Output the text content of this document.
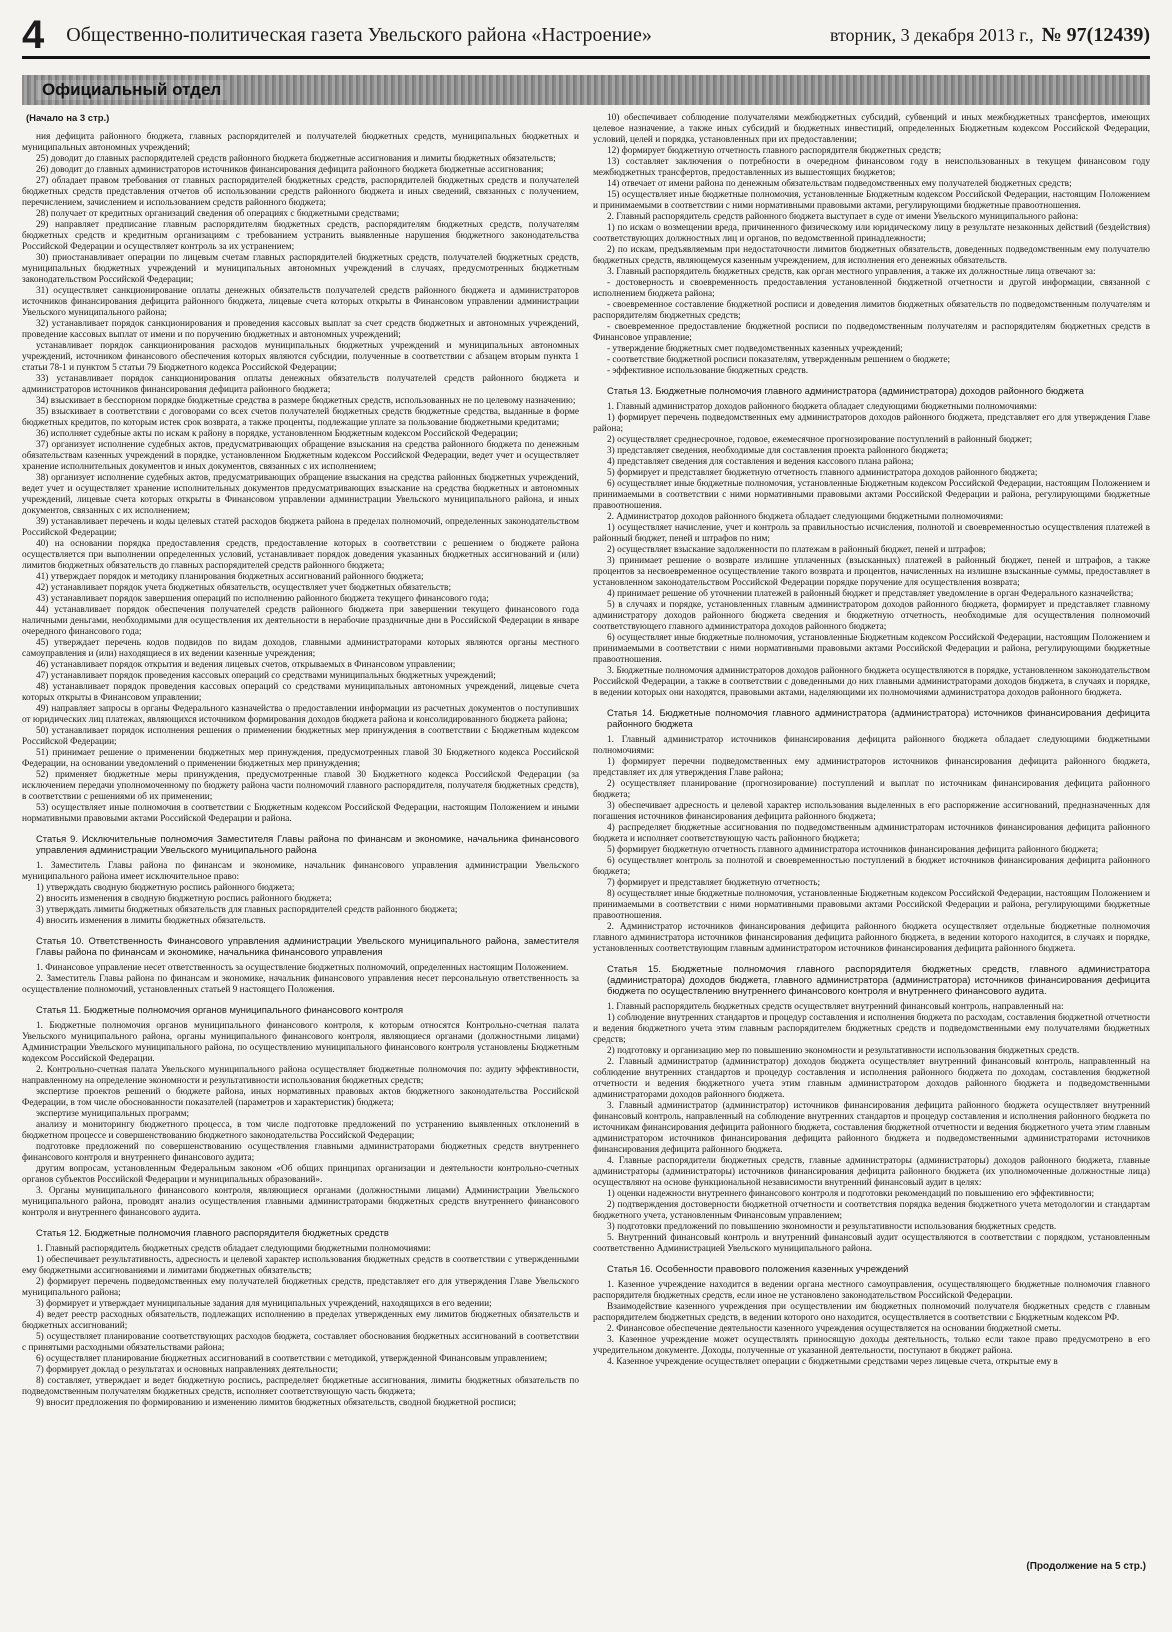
4 Общественно-политическая газета Увельского района «Настроение»	вторник, 3 декабря 2013 г., № 97(12439)
Официальный отдел

(Начало на 3 стр.)

ния дефицита районного бюджета, главных распорядителей и получателей бюджетных средств, муниципальных бюджетных и муниципальных автономных учреждений;

25) доводит до главных распорядителей средств районного бюджета бюджетные ассигнования и лимиты бюджетных обязательств;

26) доводит до главных администраторов источников финансирования дефицита районного бюджета бюджетные ассигнования;

27) обладает правом требования от главных распорядителей бюджетных средств, распорядителей бюджетных средств и получателей бюджетных средств представления отчетов об использовании средств районного бюджета и иных сведений, связанных с получением, перечислением, зачислением и использованием средств районного бюджета;

28) получает от кредитных организаций сведения об операциях с бюджетными средствами;

29) направляет предписание главным распорядителям бюджетных средств, распорядителям бюджетных средств, получателям бюджетных средств и кредитным организациям с требованием устранить выявленные нарушения бюджетного законодательства Российской Федерации и осуществляет контроль за их устранением;

30) приостанавливает операции по лицевым счетам главных распорядителей бюджетных средств, получателей бюджетных средств, муниципальных бюджетных учреждений и муниципальных автономных учреждений в случаях, предусмотренных бюджетным законодательством Российской Федерации;

31) осуществляет санкционирование оплаты денежных обязательств получателей средств районного бюджета и администраторов источников финансирования дефицита районного бюджета, лицевые счета которых открыты в Финансовом управлении администрации Увельского муниципального района;

32) устанавливает порядок санкционирования и проведения кассовых выплат за счет средств бюджетных и автономных учреждений, проведение кассовых выплат от имени и по поручению бюджетных и автономных учреждений;

устанавливает порядок санкционирования расходов муниципальных бюджетных учреждений и муниципальных автономных учреждений, источником финансового обеспечения которых являются субсидии, полученные в соответствии с абзацем вторым пункта 1 статьи 78-1 и пунктом 5 статьи 79 Бюджетного кодекса Российской Федерации;

33) устанавливает порядок санкционирования оплаты денежных обязательств получателей средств районного бюджета и администраторов источников финансирования дефицита районного бюджета;

34) взыскивает в бесспорном порядке бюджетные средства в размере бюджетных средств, использованных не по целевому назначению;

35) взыскивает в соответствии с договорами со всех счетов получателей бюджетных средств бюджетные средства, выданные в форме бюджетных кредитов, по которым истек срок возврата, а также проценты, подлежащие уплате за пользование бюджетными кредитами;

36) исполняет судебные акты по искам к району в порядке, установленном Бюджетным кодексом Российской Федерации;

37) организует исполнение судебных актов, предусматривающих обращение взыскания на средства районного бюджета по денежным обязательствам казенных учреждений в порядке, установленном Бюджетным кодексом Российской Федерации, ведет учет и осуществляет хранение исполнительных документов и иных документов, связанных с их исполнением;

38) организует исполнение судебных актов, предусматривающих обращение взыскания на средства районных бюджетных учреждений, ведет учет и осуществляет хранение исполнительных документов предусматривающих взыскание на средства бюджетных и автономных учреждений, лицевые счета которых открыты в Финансовом управлении администрации Увельского муниципального района, и иных документов, связанных с их исполнением;

39) устанавливает перечень и коды целевых статей расходов бюджета района в пределах полномочий, определенных законодательством Российской Федерации;

40) на основании порядка предоставления средств, предоставление которых в соответствии с решением о бюджете района осуществляется при выполнении определенных условий, устанавливает порядок доведения указанных бюджетных ассигнований и (или) лимитов бюджетных обязательств до главных распорядителей средств районного бюджета;

41) утверждает порядок и методику планирования бюджетных ассигнований районного бюджета;

42) устанавливает порядок учета бюджетных обязательств, осуществляет учет бюджетных обязательств;

43) устанавливает порядок завершения операций по исполнению районного бюджета текущего финансового года;

44) устанавливает порядок обеспечения получателей средств районного бюджета при завершении текущего финансового года наличными деньгами, необходимыми для осуществления их деятельности в нерабочие праздничные дни в Российской Федерации в январе очередного финансового года;

45) утверждает перечень кодов подвидов по видам доходов, главными администраторами которых являются органы местного самоуправления и (или) находящиеся в их ведении казенные учреждения;

46) устанавливает порядок открытия и ведения лицевых счетов, открываемых в Финансовом управлении;

47) устанавливает порядок проведения кассовых операций со средствами муниципальных бюджетных учреждений;

48) устанавливает порядок проведения кассовых операций со средствами муниципальных автономных учреждений, лицевые счета которых открыты в Финансовом управлении;

49) направляет запросы в органы Федерального казначейства о предоставлении информации из расчетных документов о поступивших от юридических лиц платежах, являющихся источником формирования доходов бюджета района и консолидированного бюджета района;

50) устанавливает порядок исполнения решения о применении бюджетных мер принуждения в соответствии с Бюджетным кодексом Российской Федерации;

51) принимает решение о применении бюджетных мер принуждения, предусмотренных главой 30 Бюджетного кодекса Российской Федерации, на основании уведомлений о применении бюджетных мер принуждения;

52) применяет бюджетные меры принуждения, предусмотренные главой 30 Бюджетного кодекса Российской Федерации (за исключением передачи уполномоченному по бюджету района части полномочий главного распорядителя, получателя бюджетных средств), в соответствии с решениями об их применении;

53) осуществляет иные полномочия в соответствии с Бюджетным кодексом Российской Федерации, настоящим Положением и иными нормативными правовыми актами Российской Федерации и района.

Статья 9. Исключительные полномочия Заместителя Главы района по финансам и экономике, начальника финансового управления администрации Увельского муниципального района

1. Заместитель Главы района по финансам и экономике, начальник финансового управления администрации Увельского муниципального района имеет исключительное право:

1) утверждать сводную бюджетную роспись районного бюджета;

2) вносить изменения в сводную бюджетную роспись районного бюджета;

3) утверждать лимиты бюджетных обязательств для главных распорядителей средств районного бюджета;

4) вносить изменения в лимиты бюджетных обязательств.

Статья 10. Ответственность Финансового управления администрации Увельского муниципального района, заместителя Главы района по финансам и экономике, начальника финансового управления

1. Финансовое управление несет ответственность за осуществление бюджетных полномочий, определенных настоящим Положением.

2. Заместитель Главы района по финансам и экономике, начальник финансового управления несет персональную ответственность за осуществление полномочий, установленных статьей 9 настоящего Положения.

Статья 11. Бюджетные полномочия органов муниципального финансового контроля

1. Бюджетные полномочия органов муниципального финансового контроля, к которым относятся Контрольно-счетная палата Увельского муниципального района, органы муниципального финансового контроля, являющиеся органами (должностными лицами) Администрации Увельского муниципального района, по осуществлению муниципального финансового контроля установлены Бюджетным кодексом Российской Федерации.

2. Контрольно-счетная палата Увельского муниципального района осуществляет бюджетные полномочия по: аудиту эффективности, направленному на определение экономности и результативности использования бюджетных средств;

экспертизе проектов решений о бюджете района, иных нормативных правовых актов бюджетного законодательства Российской Федерации, в том числе обоснованности показателей (параметров и характеристик) бюджета;

экспертизе муниципальных программ;

анализу и мониторингу бюджетного процесса, в том числе подготовке предложений по устранению выявленных отклонений в бюджетном процессе и совершенствованию бюджетного законодательства Российской Федерации;

подготовке предложений по совершенствованию осуществления главными администраторами бюджетных средств внутреннего финансового контроля и внутреннего финансового аудита;

другим вопросам, установленным Федеральным законом «Об общих принципах организации и деятельности контрольно-счетных органов субъектов Российской Федерации и муниципальных образований».

3. Органы муниципального финансового контроля, являющиеся органами (должностными лицами) Администрации Увельского муниципального района, проводят анализ осуществления главными администраторами бюджетных средств внутреннего финансового контроля и внутреннего финансового аудита.

Статья 12. Бюджетные полномочия главного распорядителя бюджетных средств

1. Главный распорядитель бюджетных средств обладает следующими бюджетными полномочиями:

1) обеспечивает результативность, адресность и целевой характер использования бюджетных средств в соответствии с утвержденными ему бюджетными ассигнованиями и лимитами бюджетных обязательств;

2) формирует перечень подведомственных ему получателей бюджетных средств, представляет его для утверждения Главе Увельского муниципального района;

3) формирует и утверждает муниципальные задания для муниципальных учреждений, находящихся в его ведении;

4) ведет реестр расходных обязательств, подлежащих исполнению в пределах утвержденных ему лимитов бюджетных обязательств и бюджетных ассигнований;

5) осуществляет планирование соответствующих расходов бюджета, составляет обоснования бюджетных ассигнований в соответствии с принятыми расходными обязательствами района;

6) осуществляет планирование бюджетных ассигнований в соответствии с методикой, утвержденной Финансовым управлением;

7) формирует доклад о результатах и основных направлениях деятельности;

8) составляет, утверждает и ведет бюджетную роспись, распределяет бюджетные ассигнования, лимиты бюджетных обязательств по подведомственным получателям бюджетных средств, исполняет соответствующую часть бюджета;

9) вносит предложения по формированию и изменению лимитов бюджетных обязательств, сводной бюджетной росписи;

10) обеспечивает соблюдение получателями межбюджетных субсидий, субвенций и иных межбюджетных трансфертов, имеющих целевое назначение, а также иных субсидий и бюджетных инвестиций, определенных Бюджетным кодексом Российской Федерации, условий, целей и порядка, установленных при их предоставлении;

12) формирует бюджетную отчетность главного распорядителя бюджетных средств;

13) составляет заключения о потребности в очередном финансовом году в неиспользованных в текущем финансовом году межбюджетных трансфертов, предоставленных из вышестоящих бюджетов;

14) отвечает от имени района по денежным обязательствам подведомственных ему получателей бюджетных средств;

15) осуществляет иные бюджетные полномочия, установленные Бюджетным кодексом Российской Федерации, настоящим Положением и принимаемыми в соответствии с ними нормативными правовыми актами, регулирующими бюджетные правоотношения.

2. Главный распорядитель средств районного бюджета выступает в суде от имени Увельского муниципального района:

1) по искам о возмещении вреда, причиненного физическому или юридическому лицу в результате незаконных действий (бездействия) соответствующих должностных лиц и органов, по ведомственной принадлежности;

2) по искам, предъявляемым при недостаточности лимитов бюджетных обязательств, доведенных подведомственным ему получателю бюджетных средств, являющемуся казенным учреждением, для исполнения его денежных обязательств.

3. Главный распорядитель бюджетных средств, как орган местного управления, а также их должностные лица отвечают за:

- достоверность и своевременность предоставления установленной бюджетной отчетности и другой информации, связанной с исполнением бюджета района;

- своевременное составление бюджетной росписи и доведения лимитов бюджетных обязательств по подведомственным получателям и распорядителям бюджетных средств;

- своевременное предоставление бюджетной росписи по подведомственным получателям и распорядителям бюджетных средств в Финансовое управление;

- утверждение бюджетных смет подведомственных казенных учреждений;

- соответствие бюджетной росписи показателям, утвержденным решением о бюджете;

- эффективное использование бюджетных средств.

Статья 13. Бюджетные полномочия главного администратора (администратора) доходов районного бюджета

1. Главный администратор доходов районного бюджета обладает следующими бюджетными полномочиями:

1) формирует перечень подведомственных ему администраторов доходов районного бюджета, представляет его для утверждения Главе района;

2) осуществляет среднесрочное, годовое, ежемесячное прогнозирование поступлений в районный бюджет;

3) представляет сведения, необходимые для составления проекта районного бюджета;

4) представляет сведения для составления и ведения кассового плана района;

5) формирует и представляет бюджетную отчетность главного администратора доходов районного бюджета;

6) осуществляет иные бюджетные полномочия, установленные Бюджетным кодексом Российской Федерации, настоящим Положением и принимаемыми в соответствии с ними нормативными правовыми актами Российской Федерации и района, регулирующими бюджетные правоотношения.

2. Администратор доходов районного бюджета обладает следующими бюджетными полномочиями:

1) осуществляет начисление, учет и контроль за правильностью исчисления, полнотой и своевременностью осуществления платежей в районный бюджет, пеней и штрафов по ним;

2) осуществляет взыскание задолженности по платежам в районный бюджет, пеней и штрафов;

3) принимает решение о возврате излишне уплаченных (взысканных) платежей в районный бюджет, пеней и штрафов, а также процентов за несвоевременное осуществление такого возврата и процентов, начисленных на излишне взысканные суммы, предоставляет в установленном законодательством Российской Федерации порядке поручение для осуществления возврата;

4) принимает решение об уточнении платежей в районный бюджет и представляет уведомление в орган Федерального казначейства;

5) в случаях и порядке, установленных главным администратором доходов районного бюджета, формирует и представляет главному администратору доходов районного бюджета сведения и бюджетную отчетность, необходимые для осуществления полномочий соответствующего главного администратора доходов районного бюджета;

6) осуществляет иные бюджетные полномочия, установленные Бюджетным кодексом Российской Федерации, настоящим Положением и принимаемыми в соответствии с ними нормативными правовыми актами Российской Федерации и района, регулирующими бюджетные правоотношения.

3. Бюджетные полномочия администраторов доходов районного бюджета осуществляются в порядке, установленном законодательством Российской Федерации, а также в соответствии с доведенными до них главными администраторами доходов бюджета, в случаях и порядке, в ведении которых они находятся, правовыми актами, наделяющими их полномочиями администратора доходов районного бюджета.

Статья 14. Бюджетные полномочия главного администратора (администратора) источников финансирования дефицита районного бюджета

1. Главный администратор источников финансирования дефицита районного бюджета обладает следующими бюджетными полномочиями:

1) формирует перечни подведомственных ему администраторов источников финансирования дефицита районного бюджета, представляет их для утверждения Главе района;

2) осуществляет планирование (прогнозирование) поступлений и выплат по источникам финансирования дефицита районного бюджета;

3) обеспечивает адресность и целевой характер использования выделенных в его распоряжение ассигнований, предназначенных для погашения источников финансирования дефицита районного бюджета;

4) распределяет бюджетные ассигнования по подведомственным администраторам источников финансирования дефицита районного бюджета и исполняет соответствующую часть районного бюджета;

5) формирует бюджетную отчетность главного администратора источников финансирования дефицита районного бюджета;

6) осуществляет контроль за полнотой и своевременностью поступлений в бюджет источников финансирования дефицита районного бюджета;

7) формирует и представляет бюджетную отчетность;

8) осуществляет иные бюджетные полномочия, установленные Бюджетным кодексом Российской Федерации, настоящим Положением и принимаемыми в соответствии с ними нормативными правовыми актами Российской Федерации и района, регулирующими бюджетные правоотношения.

2. Администратор источников финансирования дефицита районного бюджета осуществляет отдельные бюджетные полномочия главного администратора источников финансирования дефицита районного бюджета, в ведении которого находится, в случаях и порядке, установленных соответствующим главным администратором источников финансирования дефицита районного бюджета.

Статья 15. Бюджетные полномочия главного распорядителя бюджетных средств, главного администратора (администратора) доходов бюджета, главного администратора (администратора) источников финансирования дефицита бюджета по осуществлению внутреннего финансового контроля и внутреннего финансового аудита.

1. Главный распорядитель бюджетных средств осуществляет внутренний финансовый контроль, направленный на:

1) соблюдение внутренних стандартов и процедур составления и исполнения бюджета по расходам, составления бюджетной отчетности и ведения бюджетного учета этим главным распорядителем бюджетных средств и подведомственными ему получателями бюджетных средств;

2) подготовку и организацию мер по повышению экономности и результативности использования бюджетных средств.

2. Главный администратор (администратор) доходов бюджета осуществляет внутренний финансовый контроль, направленный на соблюдение внутренних стандартов и процедур составления и исполнения районного бюджета по доходам, составления бюджетной отчетности и ведения бюджетного учета этим главным администратором доходов районного бюджета и подведомственными администраторами доходов районного бюджета.

3. Главный администратор (администратор) источников финансирования дефицита районного бюджета осуществляет внутренний финансовый контроль, направленный на соблюдение внутренних стандартов и процедур составления и исполнения районного бюджета по источникам финансирования дефицита районного бюджета, составления бюджетной отчетности и ведения бюджетного учета этим главным администратором источников финансирования дефицита районного бюджета и подведомственными администраторами источников финансирования дефицита районного бюджета.

4. Главные распорядители бюджетных средств, главные администраторы (администраторы) доходов районного бюджета, главные администраторы (администраторы) источников финансирования дефицита районного бюджета (их уполномоченные должностные лица) осуществляют на основе функциональной независимости внутренний финансовый аудит в целях:

1) оценки надежности внутреннего финансового контроля и подготовки рекомендаций по повышению его эффективности;

2) подтверждения достоверности бюджетной отчетности и соответствия порядка ведения бюджетного учета методологии и стандартам бюджетного учета, установленным Финансовым управлением;

3) подготовки предложений по повышению экономности и результативности использования бюджетных средств.

5. Внутренний финансовый контроль и внутренний финансовый аудит осуществляются в соответствии с порядком, установленным соответственно Администрацией Увельского муниципального района.

Статья 16. Особенности правового положения казенных учреждений

1. Казенное учреждение находится в ведении органа местного самоуправления, осуществляющего бюджетные полномочия главного распорядителя бюджетных средств, если иное не установлено законодательством Российской Федерации.

Взаимодействие казенного учреждения при осуществлении им бюджетных полномочий получателя бюджетных средств с главным распорядителем бюджетных средств, в ведении которого оно находится, осуществляется в соответствии с Бюджетным кодексом РФ.

2. Финансовое обеспечение деятельности казенного учреждения осуществляется на основании бюджетной сметы.

3. Казенное учреждение может осуществлять приносящую доходы деятельность, только если такое право предусмотрено в его учредительном документе. Доходы, полученные от указанной деятельности, поступают в бюджет района.

4. Казенное учреждение осуществляет операции с бюджетными средствами через лицевые счета, открытые ему в

(Продолжение на 5 стр.)
